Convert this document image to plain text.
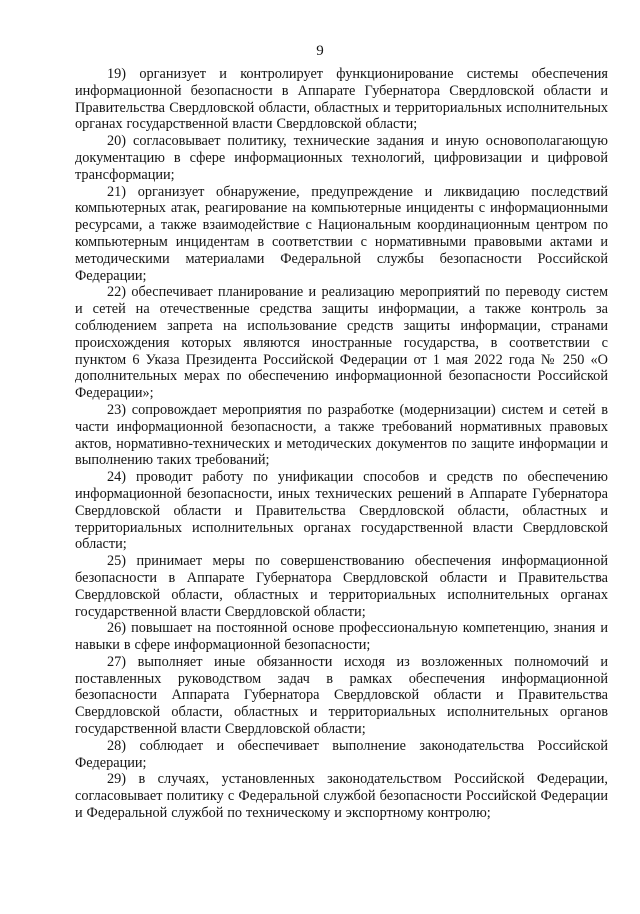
9

19) организует и контролирует функционирование системы обеспечения информационной безопасности в Аппарате Губернатора Свердловской области и Правительства Свердловской области, областных и территориальных исполнительных органах государственной власти Свердловской области;

20) согласовывает политику, технические задания и иную основополагающую документацию в сфере информационных технологий, цифровизации и цифровой трансформации;

21) организует обнаружение, предупреждение и ликвидацию последствий компьютерных атак, реагирование на компьютерные инциденты с информационными ресурсами, а также взаимодействие с Национальным координационным центром по компьютерным инцидентам в соответствии с нормативными правовыми актами и методическими материалами Федеральной службы безопасности Российской Федерации;

22) обеспечивает планирование и реализацию мероприятий по переводу систем и сетей на отечественные средства защиты информации, а также контроль за соблюдением запрета на использование средств защиты информации, странами происхождения которых являются иностранные государства, в соответствии с пунктом 6 Указа Президента Российской Федерации от 1 мая 2022 года № 250 «О дополнительных мерах по обеспечению информационной безопасности Российской Федерации»;

23) сопровождает мероприятия по разработке (модернизации) систем и сетей в части информационной безопасности, а также требований нормативных правовых актов, нормативно-технических и методических документов по защите информации и выполнению таких требований;

24) проводит работу по унификации способов и средств по обеспечению информационной безопасности, иных технических решений в Аппарате Губернатора Свердловской области и Правительства Свердловской области, областных и территориальных исполнительных органах государственной власти Свердловской области;

25) принимает меры по совершенствованию обеспечения информационной безопасности в Аппарате Губернатора Свердловской области и Правительства Свердловской области, областных и территориальных исполнительных органах государственной власти Свердловской области;

26) повышает на постоянной основе профессиональную компетенцию, знания и навыки в сфере информационной безопасности;

27) выполняет иные обязанности исходя из возложенных полномочий и поставленных руководством задач в рамках обеспечения информационной безопасности Аппарата Губернатора Свердловской области и Правительства Свердловской области, областных и территориальных исполнительных органов государственной власти Свердловской области;

28) соблюдает и обеспечивает выполнение законодательства Российской Федерации;

29) в случаях, установленных законодательством Российской Федерации, согласовывает политику с Федеральной службой безопасности Российской Федерации и Федеральной службой по техническому и экспортному контролю;
